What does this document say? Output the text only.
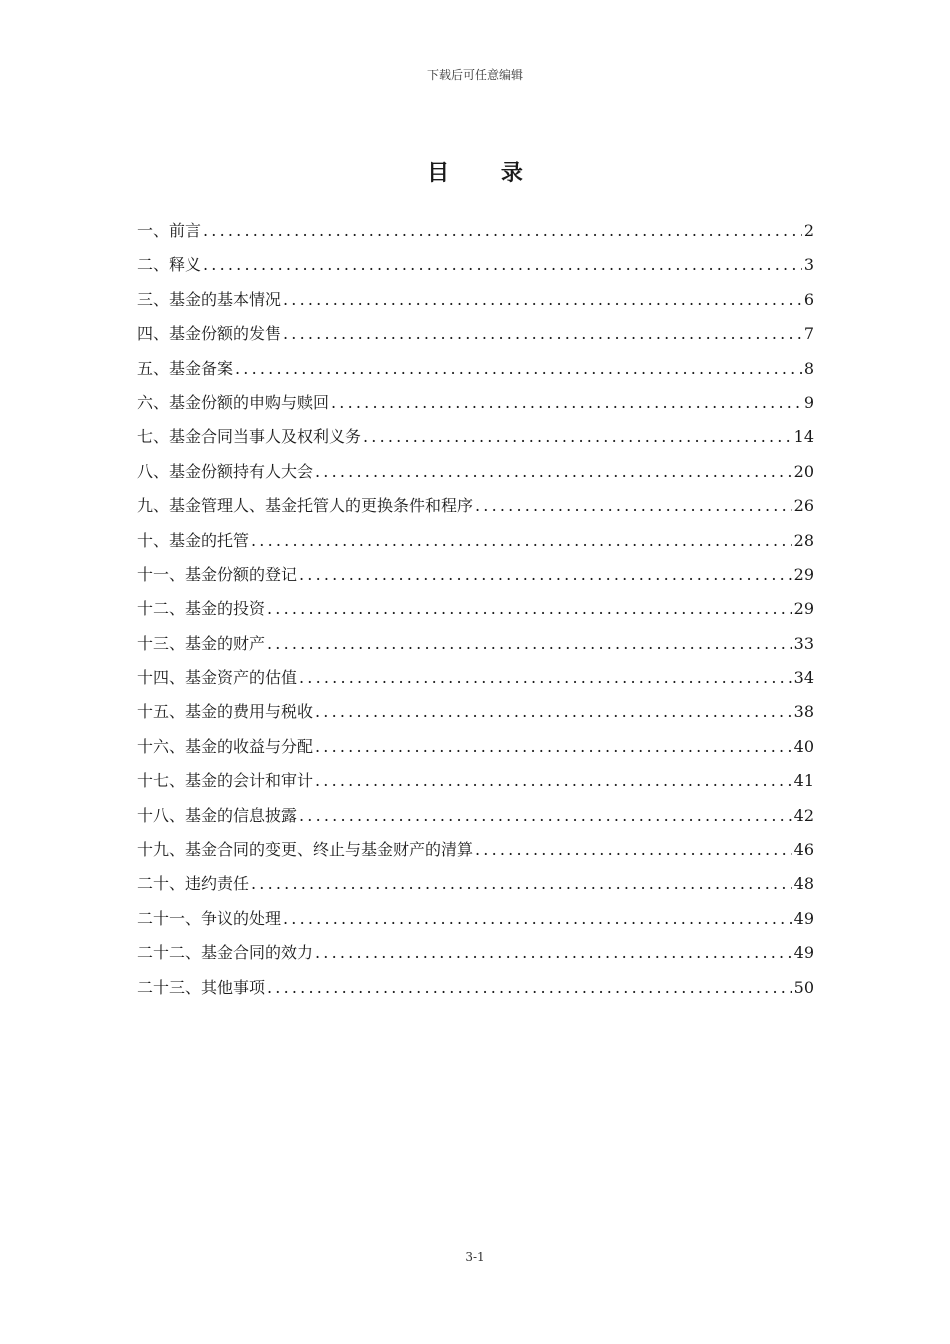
下载后可任意编辑
目 录
一、前言 .....	2
二、释义 .....	3
三、基金的基本情况 .....	6
四、基金份额的发售 .....	7
五、基金备案 .....	8
六、基金份额的申购与赎回 .....	9
七、基金合同当事人及权利义务 .....	14
八、基金份额持有人大会 .....	20
九、基金管理人、基金托管人的更换条件和程序 .....	26
十、基金的托管 .....	28
十一、基金份额的登记 .....	29
十二、基金的投资 .....	29
十三、基金的财产 .....	33
十四、基金资产的估值 .....	34
十五、基金的费用与税收 .....	38
十六、基金的收益与分配 .....	40
十七、基金的会计和审计 .....	41
十八、基金的信息披露 .....	42
十九、基金合同的变更、终止与基金财产的清算 .....	46
二十、违约责任 .....	48
二十一、争议的处理 .....	49
二十二、基金合同的效力 .....	49
二十三、其他事项 .....	50
3-1
